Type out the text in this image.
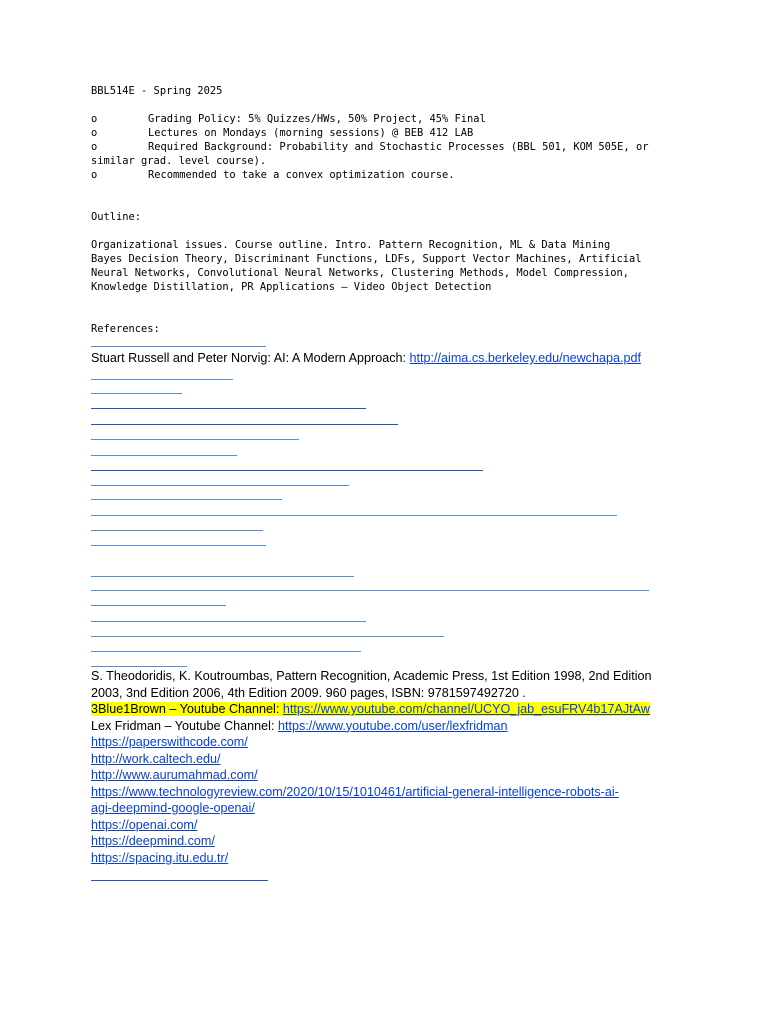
BBL514E - Spring 2025
o	Grading Policy: 5% Quizzes/HWs, 50% Project, 45% Final
o	Lectures on Mondays (morning sessions) @ BEB 412 LAB
o	Required Background: Probability and Stochastic Processes (BBL 501, KOM 505E, or
similar grad. level course).
o	Recommended to take a convex optimization course.
Outline:
Organizational issues. Course outline. Intro. Pattern Recognition, ML & Data Mining
Bayes Decision Theory, Discriminant Functions, LDFs, Support Vector Machines, Artificial
Neural Networks, Convolutional Neural Networks, Clustering Methods, Model Compression,
Knowledge Distillation, PR Applications – Video Object Detection
References:
Stuart Russell and Peter Norvig: AI: A Modern Approach: http://aima.cs.berkeley.edu/newchapa.pdf
S. Theodoridis, K. Koutroumbas, Pattern Recognition, Academic Press, 1st Edition 1998, 2nd Edition
2003, 3nd Edition 2006, 4th Edition 2009. 960 pages, ISBN: 9781597492720 .
3Blue1Brown – Youtube Channel: https://www.youtube.com/channel/UCYO_jab_esuFRV4b17AJtAw
Lex Fridman – Youtube Channel: https://www.youtube.com/user/lexfridman
https://paperswithcode.com/
http://work.caltech.edu/
http://www.aurumahmad.com/
https://www.technologyreview.com/2020/10/15/1010461/artificial-general-intelligence-robots-ai-
agi-deepmind-google-openai/
https://openai.com/
https://deepmind.com/
https://spacing.itu.edu.tr/
